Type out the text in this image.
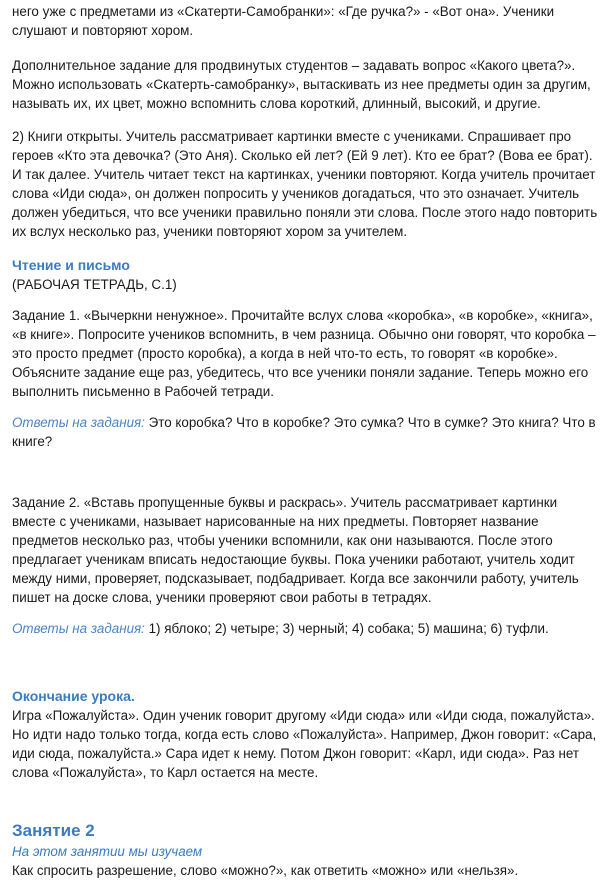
него уже с предметами из «Скатерти-Самобранки»: «Где ручка?» - «Вот она». Ученики слушают и повторяют хором.

Дополнительное задание для продвинутых студентов – задавать вопрос «Какого цвета?». Можно использовать «Скатерть-самобранку», вытаскивать из нее предметы один за другим, называть их, их цвет, можно вспомнить слова короткий, длинный, высокий, и другие.

2) Книги открыты. Учитель рассматривает картинки вместе с учениками. Спрашивает про героев «Кто эта девочка? (Это Аня). Сколько ей лет? (Ей 9 лет). Кто ее брат? (Вова ее брат). И так далее. Учитель читает текст на картинках, ученики повторяют. Когда учитель прочитает слова «Иди сюда», он должен попросить у учеников догадаться, что это означает. Учитель должен убедиться, что все ученики правильно поняли эти слова. После этого надо повторить их вслух несколько раз, ученики повторяют хором за учителем.

Чтение и письмо

(РАБОЧАЯ ТЕТРАДЬ, С.1)

Задание 1. «Вычеркни ненужное». Прочитайте вслух слова «коробка», «в коробке», «книга», «в книге». Попросите учеников вспомнить, в чем разница. Обычно они говорят, что коробка – это просто предмет (просто коробка), а когда в ней что-то есть, то говорят «в коробке». Объясните задание еще раз, убедитесь, что все ученики поняли задание. Теперь можно его выполнить письменно в Рабочей тетради.

Ответы на задания: Это коробка? Что в коробке? Это сумка? Что в сумке? Это книга? Что в книге?

Задание 2. «Вставь пропущенные буквы и раскрась». Учитель рассматривает картинки вместе с учениками, называет нарисованные на них предметы. Повторяет название предметов несколько раз, чтобы ученики вспомнили, как они называются. После этого предлагает ученикам вписать недостающие буквы. Пока ученики работают, учитель ходит между ними, проверяет, подсказывает, подбадривает. Когда все закончили работу, учитель пишет на доске слова, ученики проверяют свои работы в тетрадях.

Ответы на задания: 1) яблоко; 2) четыре; 3) черный; 4) собака; 5) машина; 6) туфли.

Окончание урока.

Игра «Пожалуйста». Один ученик говорит другому «Иди сюда» или «Иди сюда, пожалуйста». Но идти надо только тогда, когда есть слово «Пожалуйста». Например, Джон говорит: «Сара, иди сюда, пожалуйста.» Сара идет к нему. Потом Джон говорит: «Карл, иди сюда». Раз нет слова «Пожалуйста», то Карл остается на месте.

Занятие 2

На этом занятии мы изучаем

Как спросить разрешение, слово «можно?», как ответить «можно» или «нельзя».
